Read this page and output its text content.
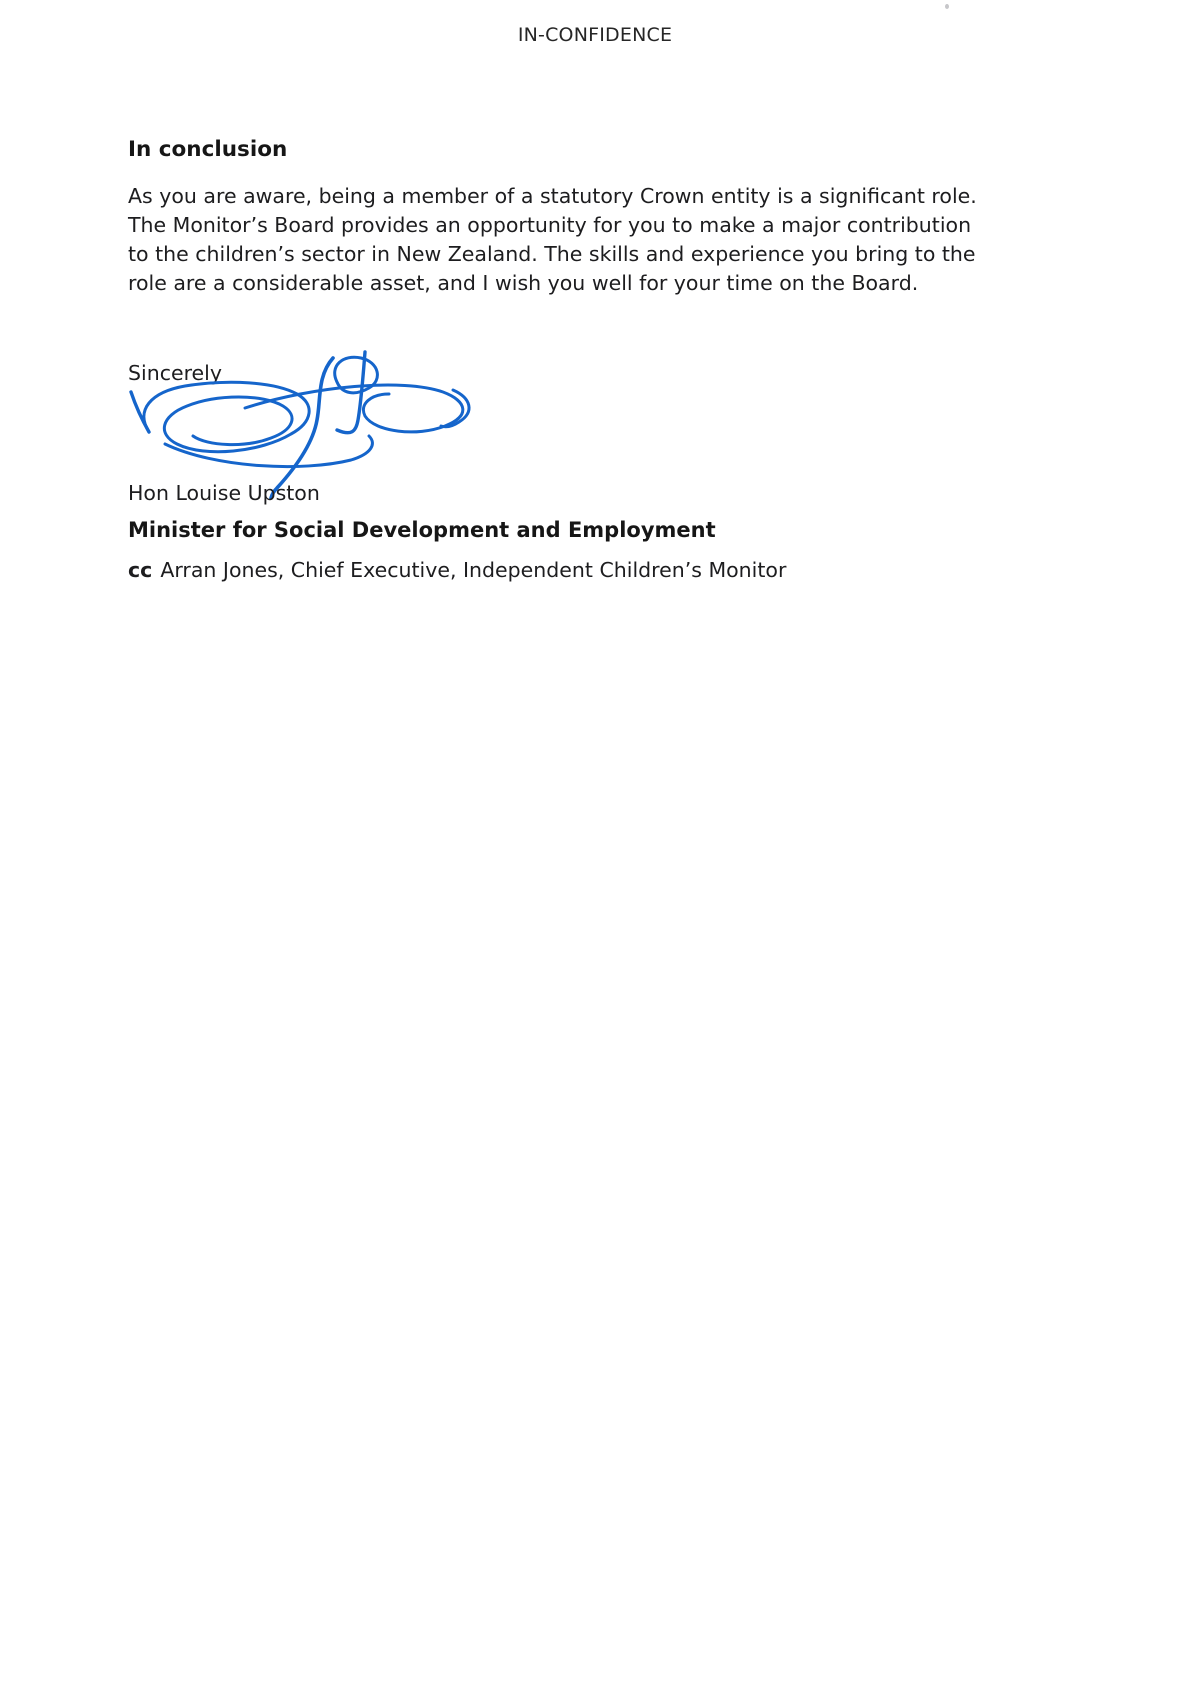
IN-CONFIDENCE
In conclusion
As you are aware, being a member of a statutory Crown entity is a significant role.
The Monitor’s Board provides an opportunity for you to make a major contribution
to the children’s sector in New Zealand. The skills and experience you bring to the
role are a considerable asset, and I wish you well for your time on the Board.
Sincerely
Hon Louise Upston
Minister for Social Development and Employment
cc Arran Jones, Chief Executive, Independent Children’s Monitor
